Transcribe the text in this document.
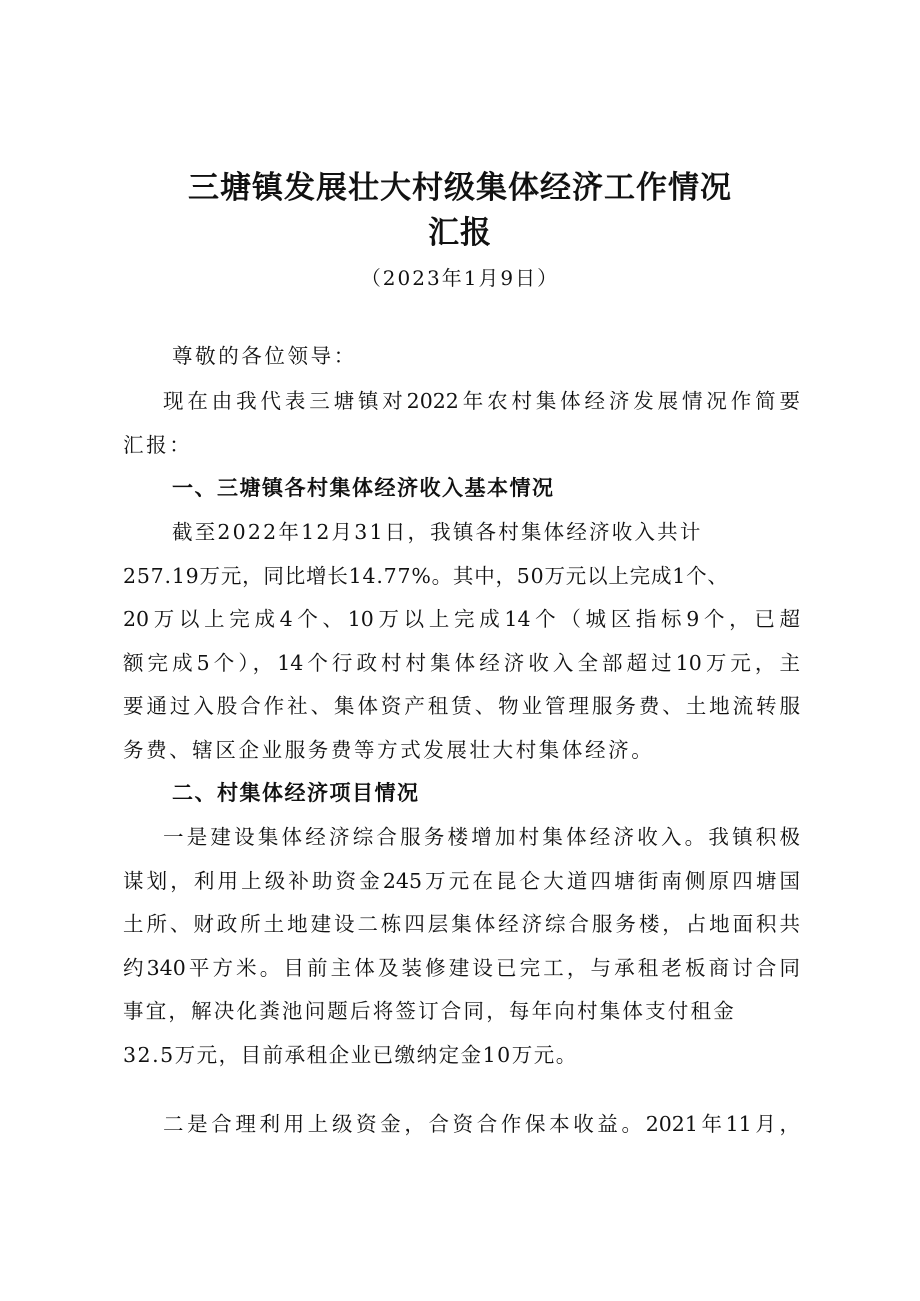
三塘镇发展壮大村级集体经济工作情况
汇报
（2023年1月9日）
尊敬的各位领导：
现在由我代表三塘镇对2022年农村集体经济发展情况作简要
汇报：
一、三塘镇各村集体经济收入基本情况
截至2022年12月31日，我镇各村集体经济收入共计
257.19万元，同比增长14.77%。其中，50万元以上完成1个、
20万以上完成4个、10万以上完成14个（城区指标9个，已超
额完成5个），14个行政村村集体经济收入全部超过10万元，主
要通过入股合作社、集体资产租赁、物业管理服务费、土地流转服
务费、辖区企业服务费等方式发展壮大村集体经济。
二、村集体经济项目情况
一是建设集体经济综合服务楼增加村集体经济收入。我镇积极
谋划，利用上级补助资金245万元在昆仑大道四塘街南侧原四塘国
土所、财政所土地建设二栋四层集体经济综合服务楼，占地面积共
约340平方米。目前主体及装修建设已完工，与承租老板商讨合同
事宜，解决化粪池问题后将签订合同，每年向村集体支付租金
32.5万元，目前承租企业已缴纳定金10万元。
二是合理利用上级资金，合资合作保本收益。2021年11月，
